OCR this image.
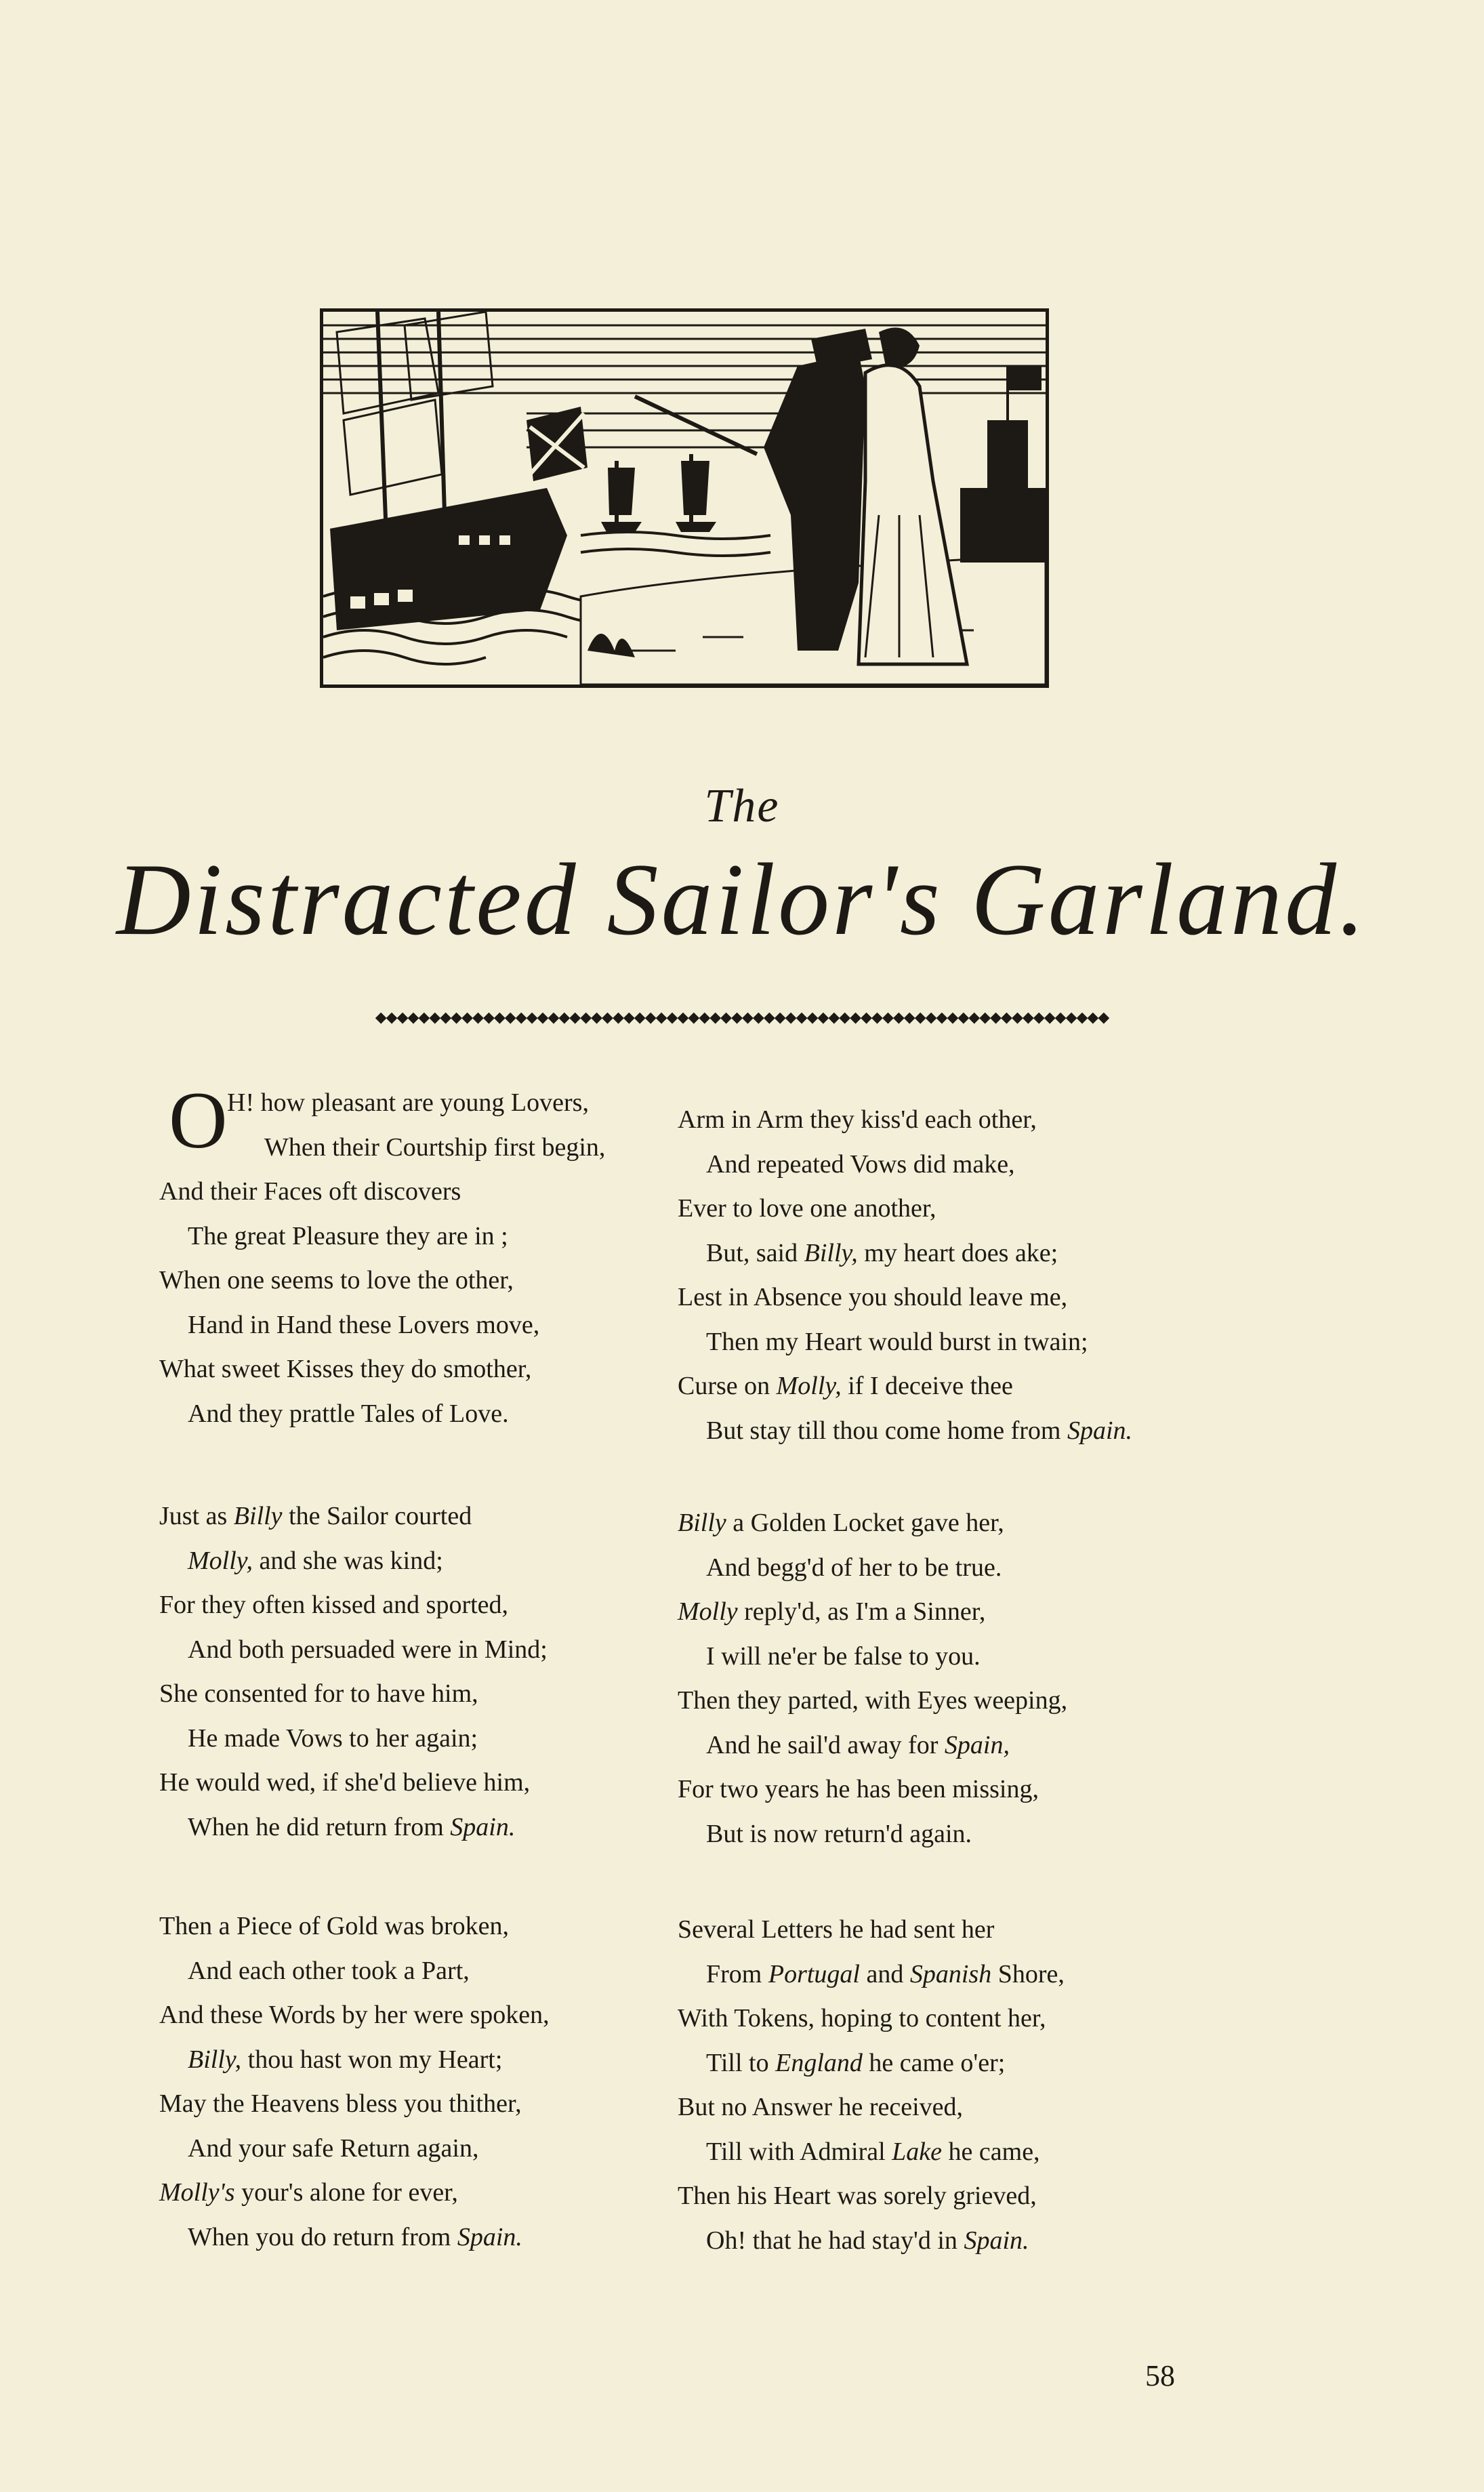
The
Distracted Sailor's Garland.
◆◆◆◆◆◆◆◆◆◆◆◆◆◆◆◆◆◆◆◆◆◆◆◆◆◆◆◆◆◆◆◆◆◆◆◆◆◆◆◆◆◆◆◆◆◆◆◆◆◆◆◆◆◆◆◆◆◆◆◆◆◆◆◆◆◆◆◆
O H! how pleasant are young Lovers,
When their Courtship first begin,
And their Faces oft discovers
The great Pleasure they are in ;
When one seems to love the other,
Hand in Hand these Lovers move,
What sweet Kisses they do smother,
And they prattle Tales of Love.
Just as Billy the Sailor courted
Molly, and she was kind;
For they often kissed and sported,
And both persuaded were in Mind;
She consented for to have him,
He made Vows to her again;
He would wed, if she'd believe him,
When he did return from Spain.
Then a Piece of Gold was broken,
And each other took a Part,
And these Words by her were spoken,
Billy, thou hast won my Heart;
May the Heavens bless you thither,
And your safe Return again,
Molly's your's alone for ever,
When you do return from Spain.
Arm in Arm they kiss'd each other,
And repeated Vows did make,
Ever to love one another,
But, said Billy, my heart does ake;
Lest in Absence you should leave me,
Then my Heart would burst in twain;
Curse on Molly, if I deceive thee
But stay till thou come home from Spain.
Billy a Golden Locket gave her,
And begg'd of her to be true.
Molly reply'd, as I'm a Sinner,
I will ne'er be false to you.
Then they parted, with Eyes weeping,
And he sail'd away for Spain,
For two years he has been missing,
But is now return'd again.
Several Letters he had sent her
From Portugal and Spanish Shore,
With Tokens, hoping to content her,
Till to England he came o'er;
But no Answer he received,
Till with Admiral Lake he came,
Then his Heart was sorely grieved,
Oh! that he had stay'd in Spain.
58
